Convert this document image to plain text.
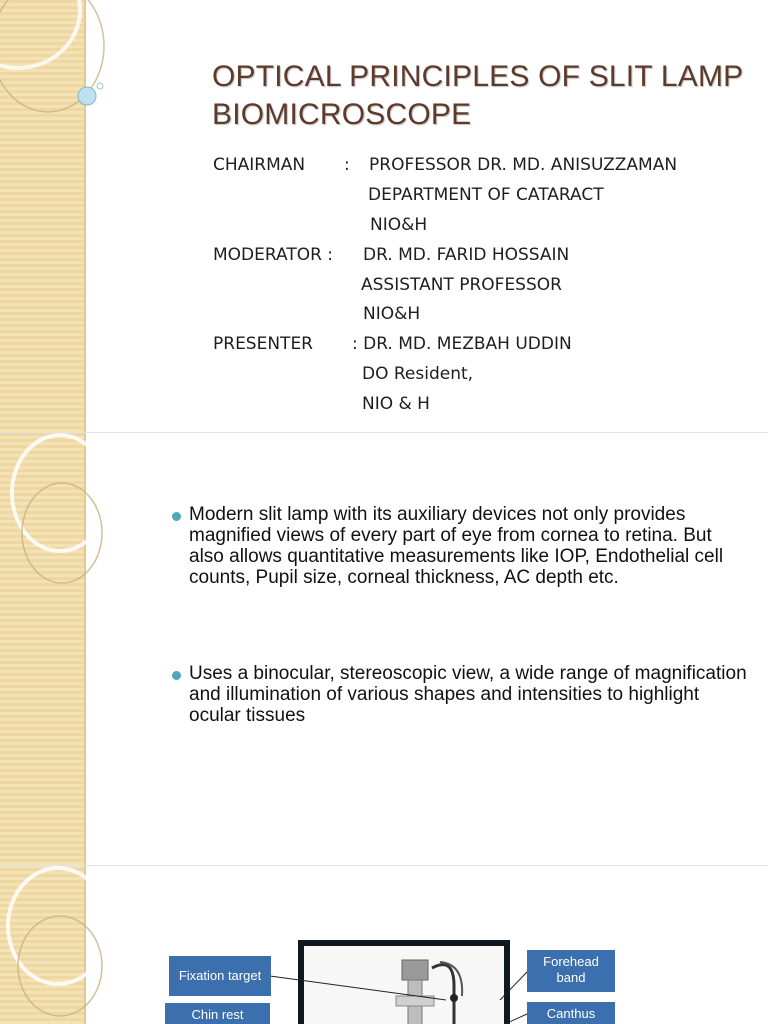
OPTICAL PRINCIPLES OF SLIT LAMP
BIOMICROSCOPE
CHAIRMAN : PROFESSOR DR. MD. ANISUZZAMAN
DEPARTMENT OF CATARACT
NIO&H
MODERATOR : DR. MD. FARID HOSSAIN
ASSISTANT PROFESSOR
NIO&H
PRESENTER : DR. MD. MEZBAH UDDIN
DO Resident,
NIO & H
Modern slit lamp with its auxiliary devices not only provides magnified views of every part of eye from cornea to retina. But also allows quantitative measurements like IOP, Endothelial cell counts, Pupil size, corneal thickness, AC depth etc.
Uses a binocular, stereoscopic view, a wide range of magnification and illumination of various shapes and intensities to highlight ocular tissues
Fixation target
Chin rest
Forehead band
Canthus
